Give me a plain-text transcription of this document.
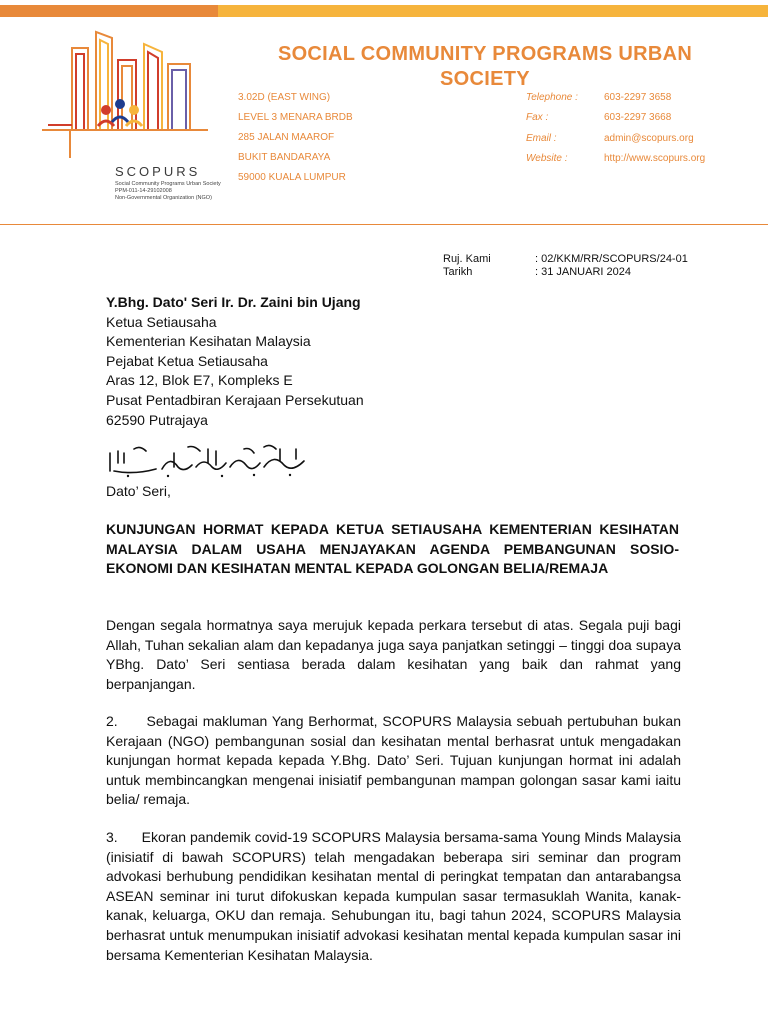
SCOPURS
Social Community Programs Urban Society
PPM-011-14-29102008
Non-Governmental Organization (NGO)
SOCIAL COMMUNITY PROGRAMS URBAN SOCIETY
3.02D (EAST WING)
LEVEL 3 MENARA BRDB
285 JALAN MAAROF
BUKIT BANDARAYA
59000 KUALA LUMPUR
Telephone :
Fax :
Email :
Website :
603-2297 3658
603-2297 3668
admin@scopurs.org
http://www.scopurs.org
Ruj. Kami	: 02/KKM/RR/SCOPURS/24-01
Tarikh	: 31 JANUARI 2024
Y.Bhg. Dato' Seri Ir. Dr. Zaini bin Ujang
Ketua Setiausaha
Kementerian Kesihatan Malaysia
Pejabat Ketua Setiausaha
Aras 12, Blok E7, Kompleks E
Pusat Pentadbiran Kerajaan Persekutuan
62590 Putrajaya
Dato’ Seri,
KUNJUNGAN HORMAT KEPADA KETUA SETIAUSAHA KEMENTERIAN KESIHATAN MALAYSIA DALAM USAHA MENJAYAKAN AGENDA PEMBANGUNAN SOSIO-EKONOMI DAN KESIHATAN MENTAL KEPADA GOLONGAN BELIA/REMAJA

Dengan segala hormatnya saya merujuk kepada perkara tersebut di atas. Segala puji bagi Allah, Tuhan sekalian alam dan kepadanya juga saya panjatkan setinggi – tinggi doa supaya YBhg. Dato’ Seri sentiasa berada dalam kesihatan yang baik dan rahmat yang berpanjangan.

2.      Sebagai makluman Yang Berhormat, SCOPURS Malaysia sebuah pertubuhan bukan Kerajaan (NGO) pembangunan sosial dan kesihatan mental berhasrat untuk mengadakan kunjungan hormat kepada kepada Y.Bhg. Dato’ Seri. Tujuan kunjungan hormat ini adalah untuk membincangkan mengenai inisiatif pembangunan mampan golongan sasar kami iaitu belia/ remaja.

3.      Ekoran pandemik covid-19 SCOPURS Malaysia bersama-sama Young Minds Malaysia (inisiatif di bawah SCOPURS) telah mengadakan beberapa siri seminar dan program advokasi berhubung pendidikan kesihatan mental di peringkat tempatan dan antarabangsa ASEAN seminar ini turut difokuskan kepada kumpulan sasar termasuklah Wanita, kanak-kanak, keluarga, OKU dan remaja. Sehubungan itu, bagi tahun 2024, SCOPURS Malaysia berhasrat untuk menumpukan inisiatif advokasi kesihatan mental kepada kumpulan sasar ini bersama Kementerian Kesihatan Malaysia.
